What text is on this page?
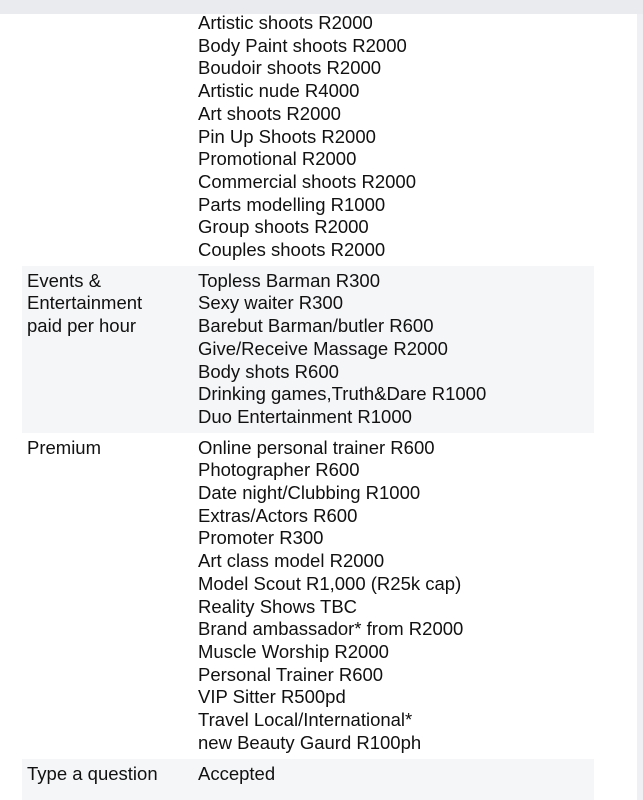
Artistic shoots R2000
Body Paint shoots R2000
Boudoir shoots R2000
Artistic nude R4000
Art shoots R2000
Pin Up Shoots R2000
Promotional R2000
Commercial shoots R2000
Parts modelling R1000
Group shoots R2000
Couples shoots R2000
Events &
Entertainment
paid per hour
Topless Barman R300
Sexy waiter R300
Barebut Barman/butler R600
Give/Receive Massage R2000
Body shots R600
Drinking games,Truth&Dare R1000
Duo Entertainment R1000
Premium	Online personal trainer R600
Photographer R600
Date night/Clubbing R1000
Extras/Actors R600
Promoter R300
Art class model R2000
Model Scout R1,000 (R25k cap)
Reality Shows TBC
Brand ambassador* from R2000
Muscle Worship R2000
Personal Trainer R600
VIP Sitter R500pd
Travel Local/International*
new Beauty Gaurd R100ph
Type a question	Accepted
